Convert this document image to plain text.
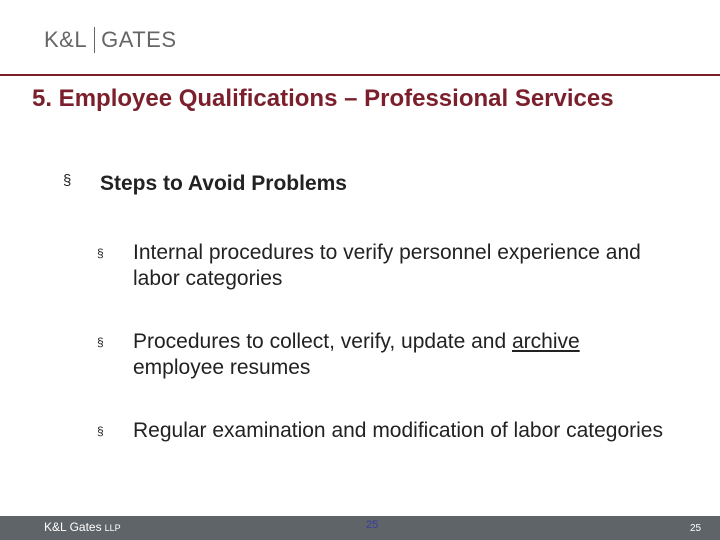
K&L GATES
5. Employee Qualifications – Professional Services
§ Steps to Avoid Problems
§	Internal procedures to verify personnel experience and labor categories
§	Procedures to collect, verify, update and archive employee resumes
§	Regular examination and modification of labor categories
K&L Gates LLP	25	25
